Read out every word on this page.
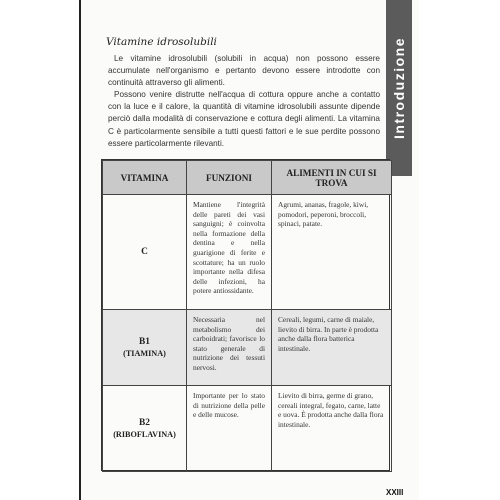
Introduzione
Vitamine idrosolubili

Le vitamine idrosolubili (solubili in acqua) non possono essere accumulate nell'organismo e pertanto devono essere introdotte con continuità attraverso gli alimenti.

Possono venire distrutte nell'acqua di cottura oppure anche a contatto con la luce e il calore, la quantità di vitamine idrosolubili assunte dipende perciò dalla modalità di conservazione e cottura degli alimenti. La vitamina C è particolarmente sensibile a tutti questi fattori e le sue perdite possono essere particolarmente rilevanti.

VITAMINA	FUNZIONI	ALIMENTI IN CUI SI TROVA
C	Mantiene l'integrità delle pareti dei vasi sanguigni; è coinvolta nella formazione della dentina e nella guarigione di ferite e scottature; ha un ruolo importante nella difesa delle infezioni, ha potere antiossidante.	Agrumi, ananas, fragole, kiwi, pomodori, peperoni, broccoli, spinaci, patate.
B1
(TIAMINA)	Necessaria nel metabolismo dei carboidrati; favorisce lo stato generale di nutrizione dei tessuti nervosi.	Cereali, legumi, carne di maiale, lievito di birra. In parte è prodotta anche dalla flora batterica intestinale.
B2
(RIBOFLAVINA)	Importante per lo stato di nutrizione della pelle e delle mucose.	Lievito di birra, germe di grano, cereali integral, fegato, carne, latte e uova. È prodotta anche dalla flora intestinale.
XXIII
